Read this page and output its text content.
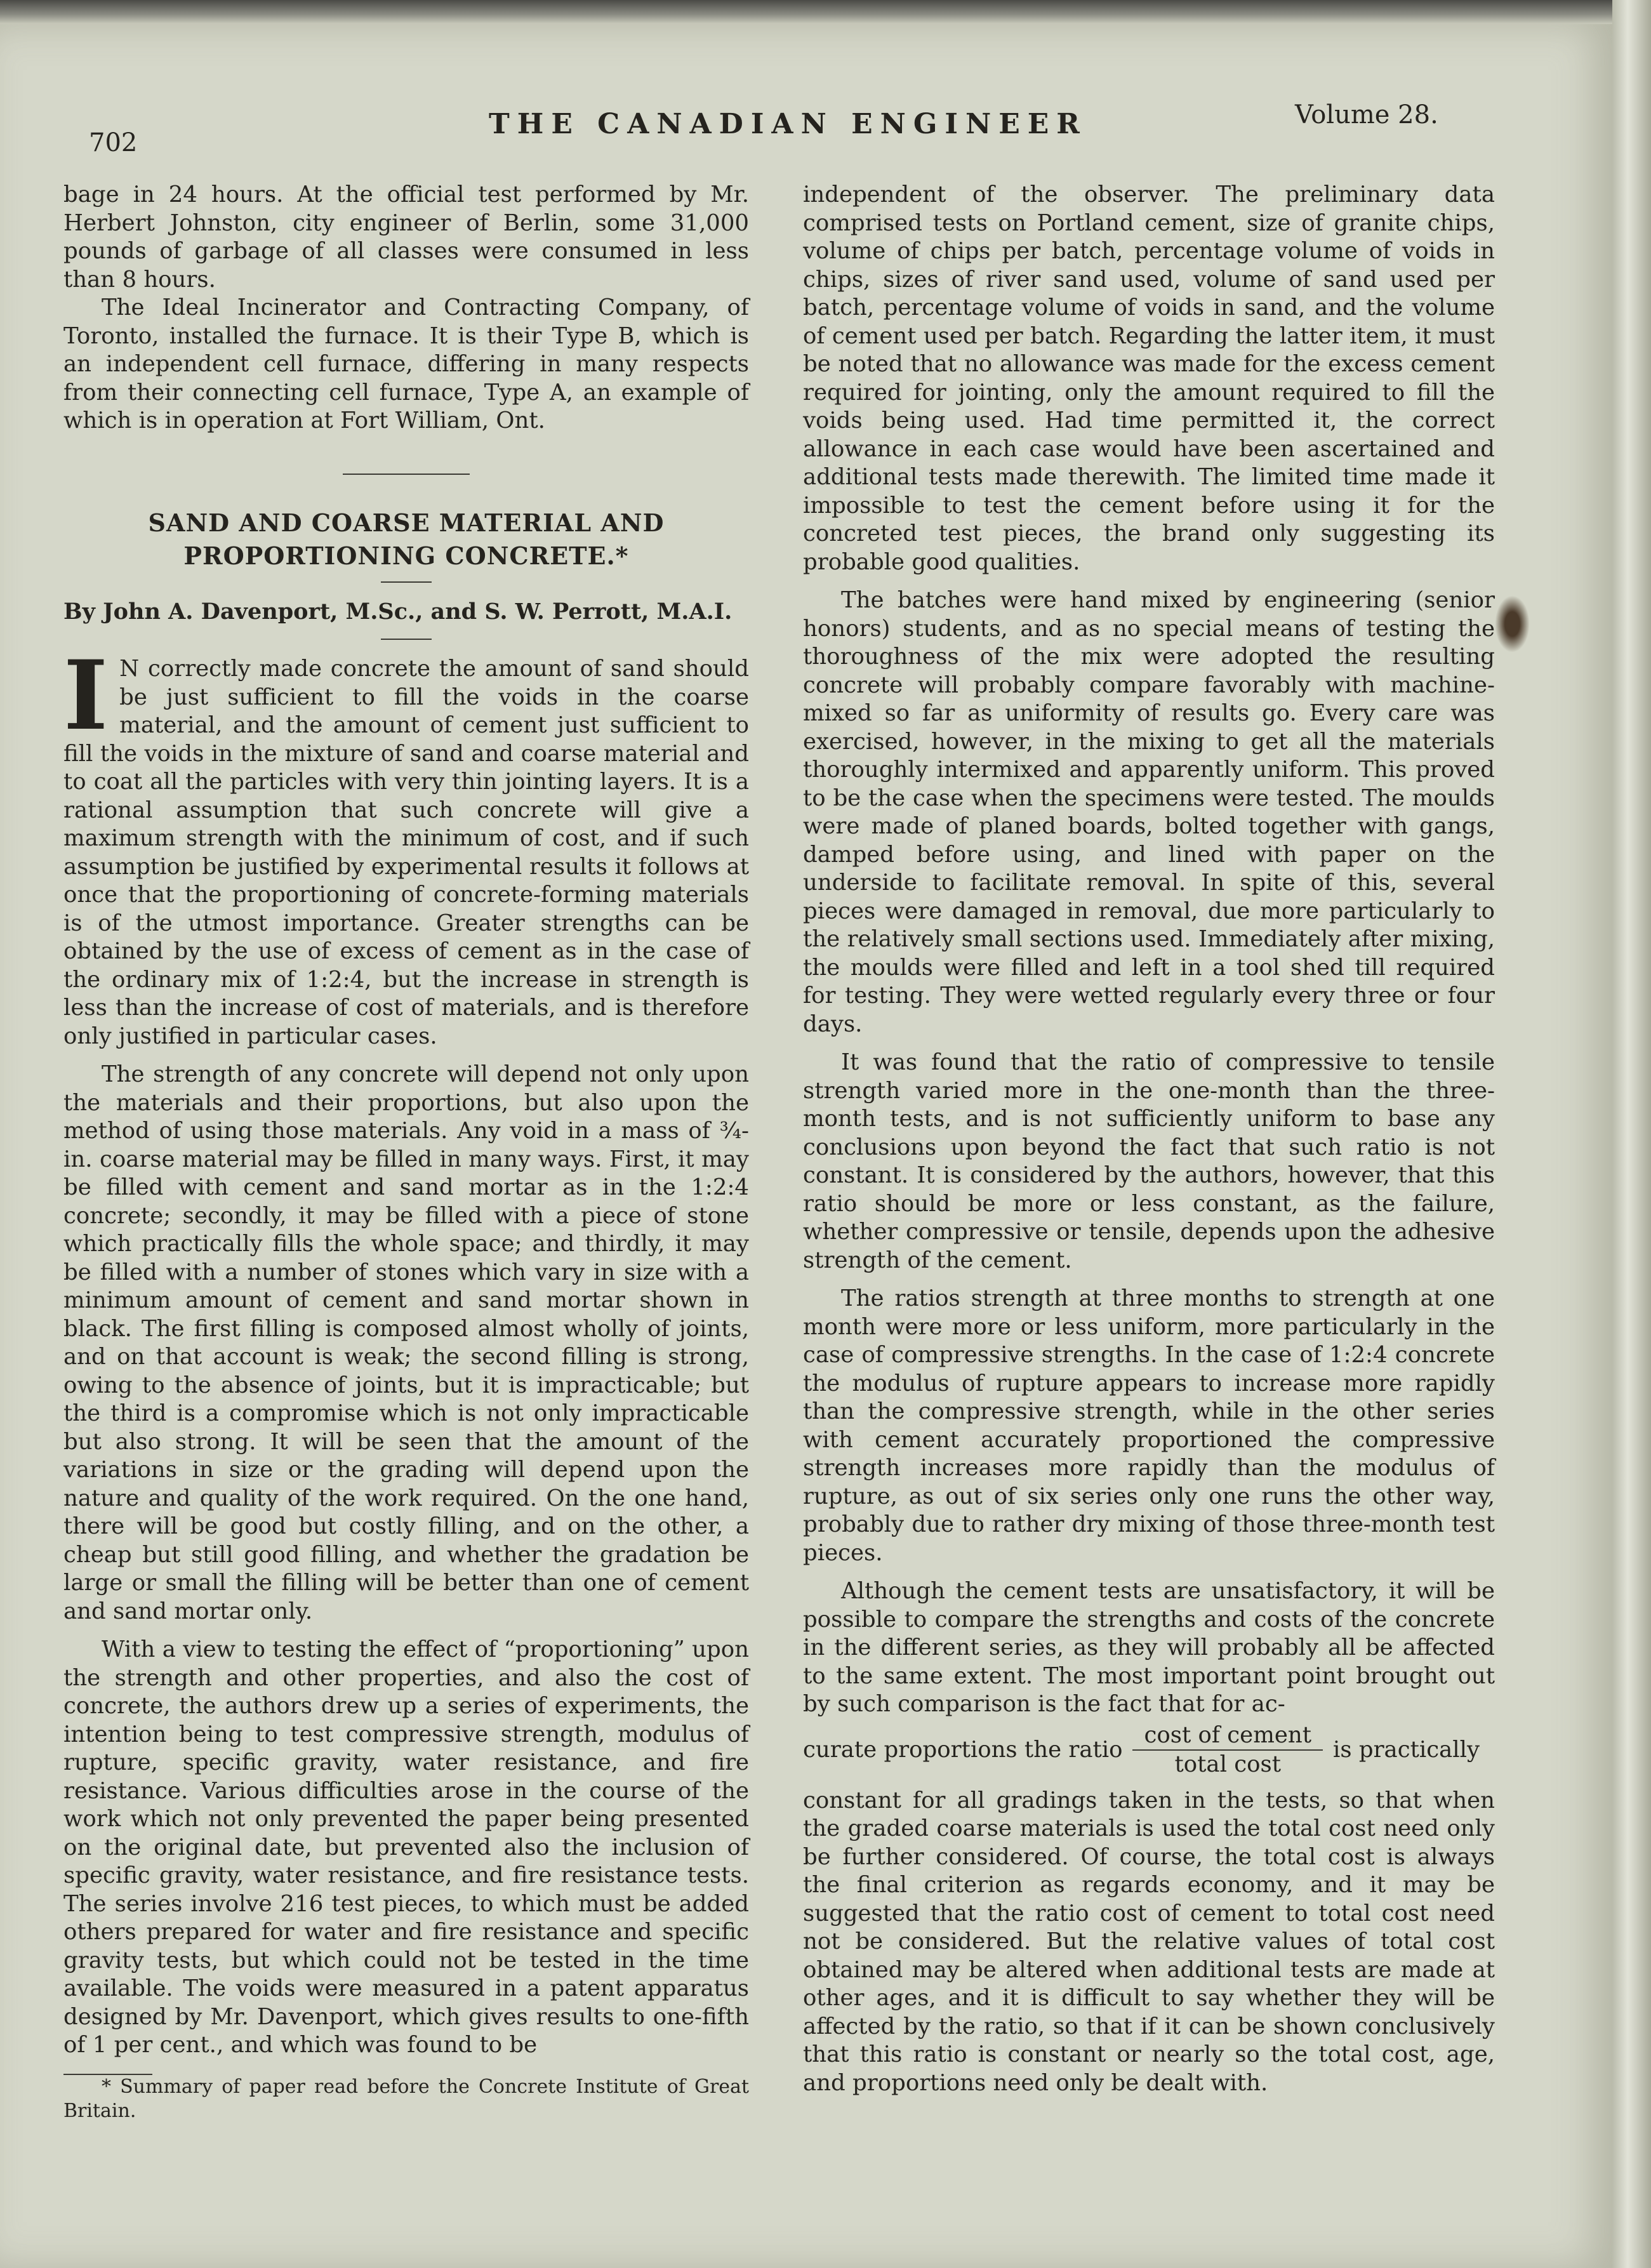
702
THE CANADIAN ENGINEER	Volume 28.

bage in 24 hours. At the official test performed by Mr. Herbert Johnston, city engineer of Berlin, some 31,000 pounds of garbage of all classes were consumed in less than 8 hours.

The Ideal Incinerator and Contracting Company, of Toronto, installed the furnace. It is their Type B, which is an independent cell furnace, differing in many respects from their connecting cell furnace, Type A, an example of which is in operation at Fort William, Ont.

SAND AND COARSE MATERIAL AND

PROPORTIONING CONCRETE.*

By John A. Davenport, M.Sc., and S. W. Perrott, M.A.I.

I N correctly made concrete the amount of sand should be just sufficient to fill the voids in the coarse material, and the amount of cement just sufficient to fill the voids in the mixture of sand and coarse material and to coat all the particles with very thin jointing layers. It is a rational assumption that such concrete will give a maximum strength with the minimum of cost, and if such assumption be justified by experimental results it follows at once that the proportioning of concrete-forming materials is of the utmost importance. Greater strengths can be obtained by the use of excess of cement as in the case of the ordinary mix of 1:2:4, but the increase in strength is less than the increase of cost of materials, and is therefore only justified in particular cases.

The strength of any concrete will depend not only upon the materials and their proportions, but also upon the method of using those materials. Any void in a mass of ¾-in. coarse material may be filled in many ways. First, it may be filled with cement and sand mortar as in the 1:2:4 concrete; secondly, it may be filled with a piece of stone which practically fills the whole space; and thirdly, it may be filled with a number of stones which vary in size with a minimum amount of cement and sand mortar shown in black. The first filling is composed almost wholly of joints, and on that account is weak; the second filling is strong, owing to the absence of joints, but it is impracticable; but the third is a compromise which is not only impracticable but also strong. It will be seen that the amount of the variations in size or the grading will depend upon the nature and quality of the work required. On the one hand, there will be good but costly filling, and on the other, a cheap but still good filling, and whether the gradation be large or small the filling will be better than one of cement and sand mortar only.

With a view to testing the effect of “proportioning” upon the strength and other properties, and also the cost of concrete, the authors drew up a series of experiments, the intention being to test compressive strength, modulus of rupture, specific gravity, water resistance, and fire resistance. Various difficulties arose in the course of the work which not only prevented the paper being presented on the original date, but prevented also the inclusion of specific gravity, water resistance, and fire resistance tests. The series involve 216 test pieces, to which must be added others prepared for water and fire resistance and specific gravity tests, but which could not be tested in the time available. The voids were measured in a patent apparatus designed by Mr. Davenport, which gives results to one-fifth of 1 per cent., and which was found to be

* Summary of paper read before the Concrete Institute of Great Britain.

independent of the observer. The preliminary data comprised tests on Portland cement, size of granite chips, volume of chips per batch, percentage volume of voids in chips, sizes of river sand used, volume of sand used per batch, percentage volume of voids in sand, and the volume of cement used per batch. Regarding the latter item, it must be noted that no allowance was made for the excess cement required for jointing, only the amount required to fill the voids being used. Had time permitted it, the correct allowance in each case would have been ascertained and additional tests made therewith. The limited time made it impossible to test the cement before using it for the concreted test pieces, the brand only suggesting its probable good qualities.

The batches were hand mixed by engineering (senior honors) students, and as no special means of testing the thoroughness of the mix were adopted the resulting concrete will probably compare favorably with machine-mixed so far as uniformity of results go. Every care was exercised, however, in the mixing to get all the materials thoroughly intermixed and apparently uniform. This proved to be the case when the specimens were tested. The moulds were made of planed boards, bolted together with gangs, damped before using, and lined with paper on the underside to facilitate removal. In spite of this, several pieces were damaged in removal, due more particularly to the relatively small sections used. Immediately after mixing, the moulds were filled and left in a tool shed till required for testing. They were wetted regularly every three or four days.

It was found that the ratio of compressive to tensile strength varied more in the one-month than the three-month tests, and is not sufficiently uniform to base any conclusions upon beyond the fact that such ratio is not constant. It is considered by the authors, however, that this ratio should be more or less constant, as the failure, whether compressive or tensile, depends upon the adhesive strength of the cement.

The ratios strength at three months to strength at one month were more or less uniform, more particularly in the case of compressive strengths. In the case of 1:2:4 concrete the modulus of rupture appears to increase more rapidly than the compressive strength, while in the other series with cement accurately proportioned the compressive strength increases more rapidly than the modulus of rupture, as out of six series only one runs the other way, probably due to rather dry mixing of those three-month test pieces.

Although the cement tests are unsatisfactory, it will be possible to compare the strengths and costs of the concrete in the different series, as they will probably all be affected to the same extent. The most important point brought out by such comparison is the fact that for ac-

curate proportions the ratio $\frac{\text{cost of cement}}{\text{total cost}}$ is practically

constant for all gradings taken in the tests, so that when the graded coarse materials is used the total cost need only be further considered. Of course, the total cost is always the final criterion as regards economy, and it may be suggested that the ratio cost of cement to total cost need not be considered. But the relative values of total cost obtained may be altered when additional tests are made at other ages, and it is difficult to say whether they will be affected by the ratio, so that if it can be shown conclusively that this ratio is constant or nearly so the total cost, age, and proportions need only be dealt with.
